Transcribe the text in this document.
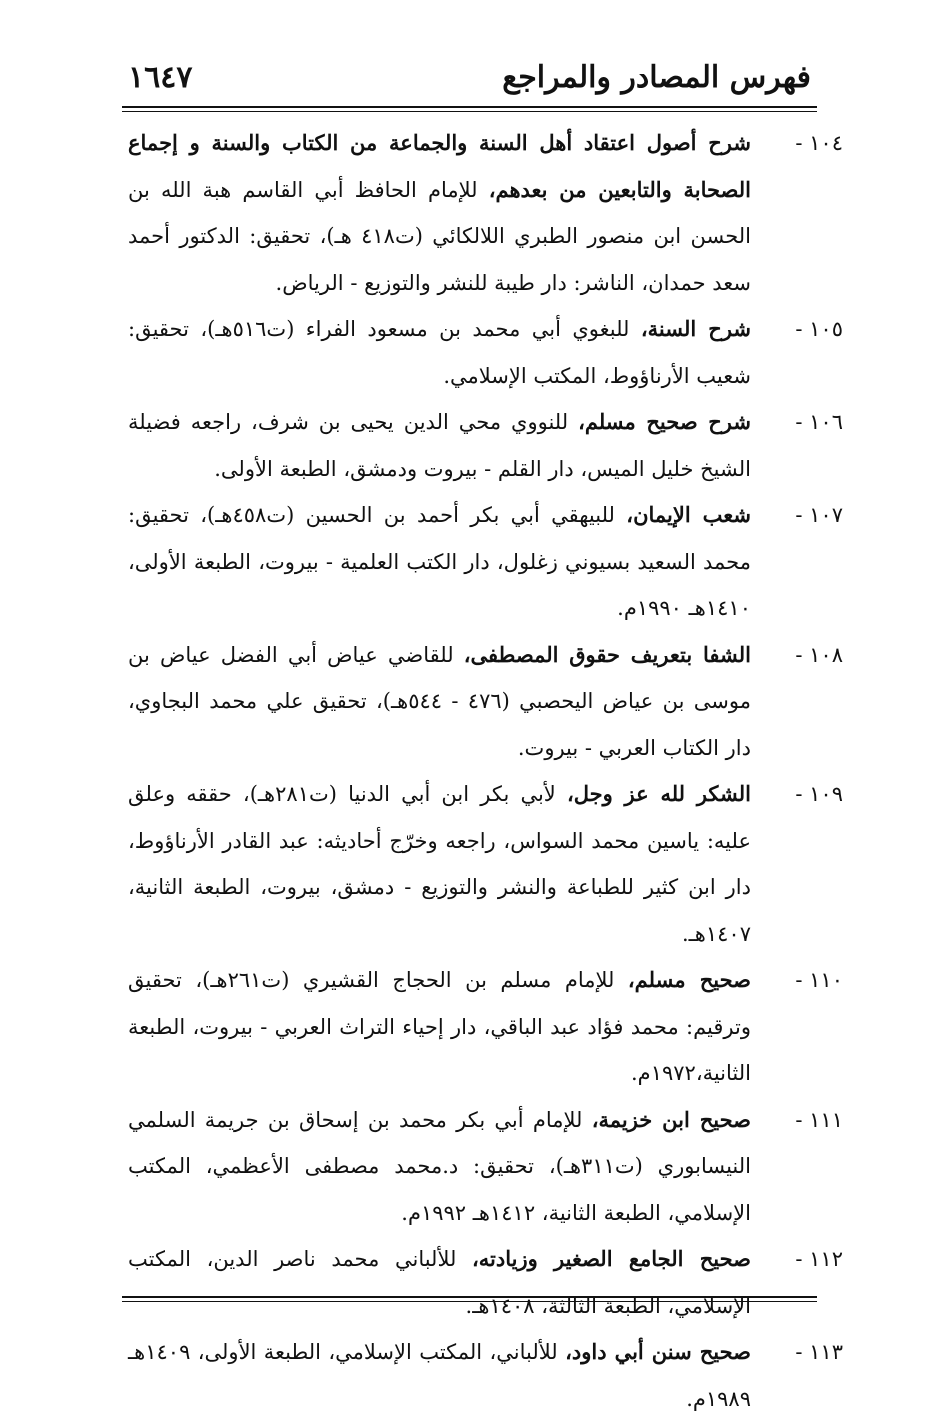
فهرس المصادر والمراجع
١٦٤٧
١٠٤ -
شرح أصول اعتقاد أهل السنة والجماعة من الكتاب والسنة و إجماع الصحابة والتابعين من بعدهم، للإمام الحافظ أبي القاسم هبة الله بن الحسن ابن منصور الطبري اللالكائي (ت٤١٨ هـ)، تحقيق: الدكتور أحمد سعد حمدان، الناشر: دار طيبة للنشر والتوزيع - الرياض.
١٠٥ -
شرح السنة، للبغوي أبي محمد بن مسعود الفراء (ت٥١٦هـ)، تحقيق: شعيب الأرناؤوط، المكتب الإسلامي.
١٠٦ -
شرح صحيح مسلم، للنووي محي الدين يحيى بن شرف، راجعه فضيلة الشيخ خليل الميس، دار القلم - بيروت ودمشق، الطبعة الأولى.
١٠٧ -
شعب الإيمان، للبيهقي أبي بكر أحمد بن الحسين (ت٤٥٨هـ)، تحقيق: محمد السعيد بسيوني زغلول، دار الكتب العلمية - بيروت، الطبعة الأولى، ١٤١٠هـ ١٩٩٠م.
١٠٨ -
الشفا بتعريف حقوق المصطفى، للقاضي عياض أبي الفضل عياض بن موسى بن عياض اليحصبي (٤٧٦ - ٥٤٤هـ)، تحقيق علي محمد البجاوي، دار الكتاب العربي - بيروت.
١٠٩ -
الشكر لله عز وجل، لأبي بكر ابن أبي الدنيا (ت٢٨١هـ)، حققه وعلق عليه: ياسين محمد السواس، راجعه وخرّج أحاديثه: عبد القادر الأرناؤوط، دار ابن كثير للطباعة والنشر والتوزيع - دمشق، بيروت، الطبعة الثانية، ١٤٠٧هـ.
١١٠ -
صحيح مسلم، للإمام مسلم بن الحجاج القشيري (ت٢٦١هـ)، تحقيق وترقيم: محمد فؤاد عبد الباقي، دار إحياء التراث العربي - بيروت، الطبعة الثانية،١٩٧٢م.
١١١ -
صحيح ابن خزيمة، للإمام أبي بكر محمد بن إسحاق بن جريمة السلمي النيسابوري (ت٣١١هـ)، تحقيق: د.محمد مصطفى الأعظمي، المكتب الإسلامي، الطبعة الثانية، ١٤١٢هـ ١٩٩٢م.
١١٢ -
صحيح الجامع الصغير وزيادته، للألباني محمد ناصر الدين، المكتب الإسلامي، الطبعة الثالثة، ١٤٠٨هـ.
١١٣ -
صحيح سنن أبي داود، للألباني، المكتب الإسلامي، الطبعة الأولى، ١٤٠٩هـ ١٩٨٩م.
